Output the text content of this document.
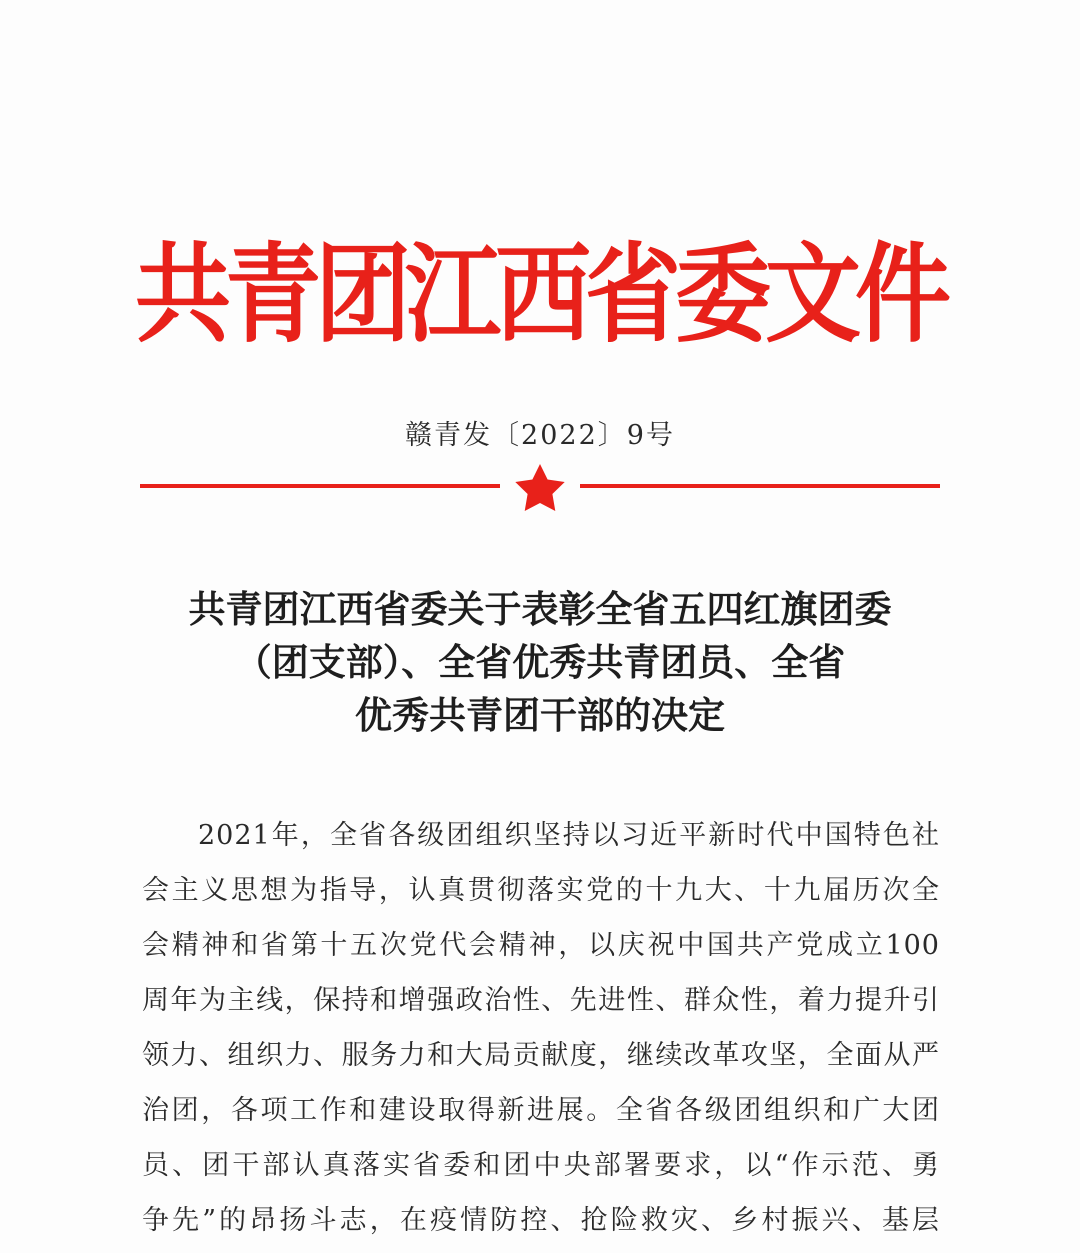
共青团江西省委文件
赣青发〔2022〕9号
共青团江西省委关于表彰全省五四红旗团委
（团支部）、全省优秀共青团员、全省
优秀共青团干部的决定
2021年，全省各级团组织坚持以习近平新时代中国特色社
会主义思想为指导，认真贯彻落实党的十九大、十九届历次全
会精神和省第十五次党代会精神，以庆祝中国共产党成立100
周年为主线，保持和增强政治性、先进性、群众性，着力提升引
领力、组织力、服务力和大局贡献度，继续改革攻坚，全面从严
治团，各项工作和建设取得新进展。全省各级团组织和广大团
员、团干部认真落实省委和团中央部署要求，以“作示范、勇
争先”的昂扬斗志，在疫情防控、抢险救灾、乡村振兴、基层
